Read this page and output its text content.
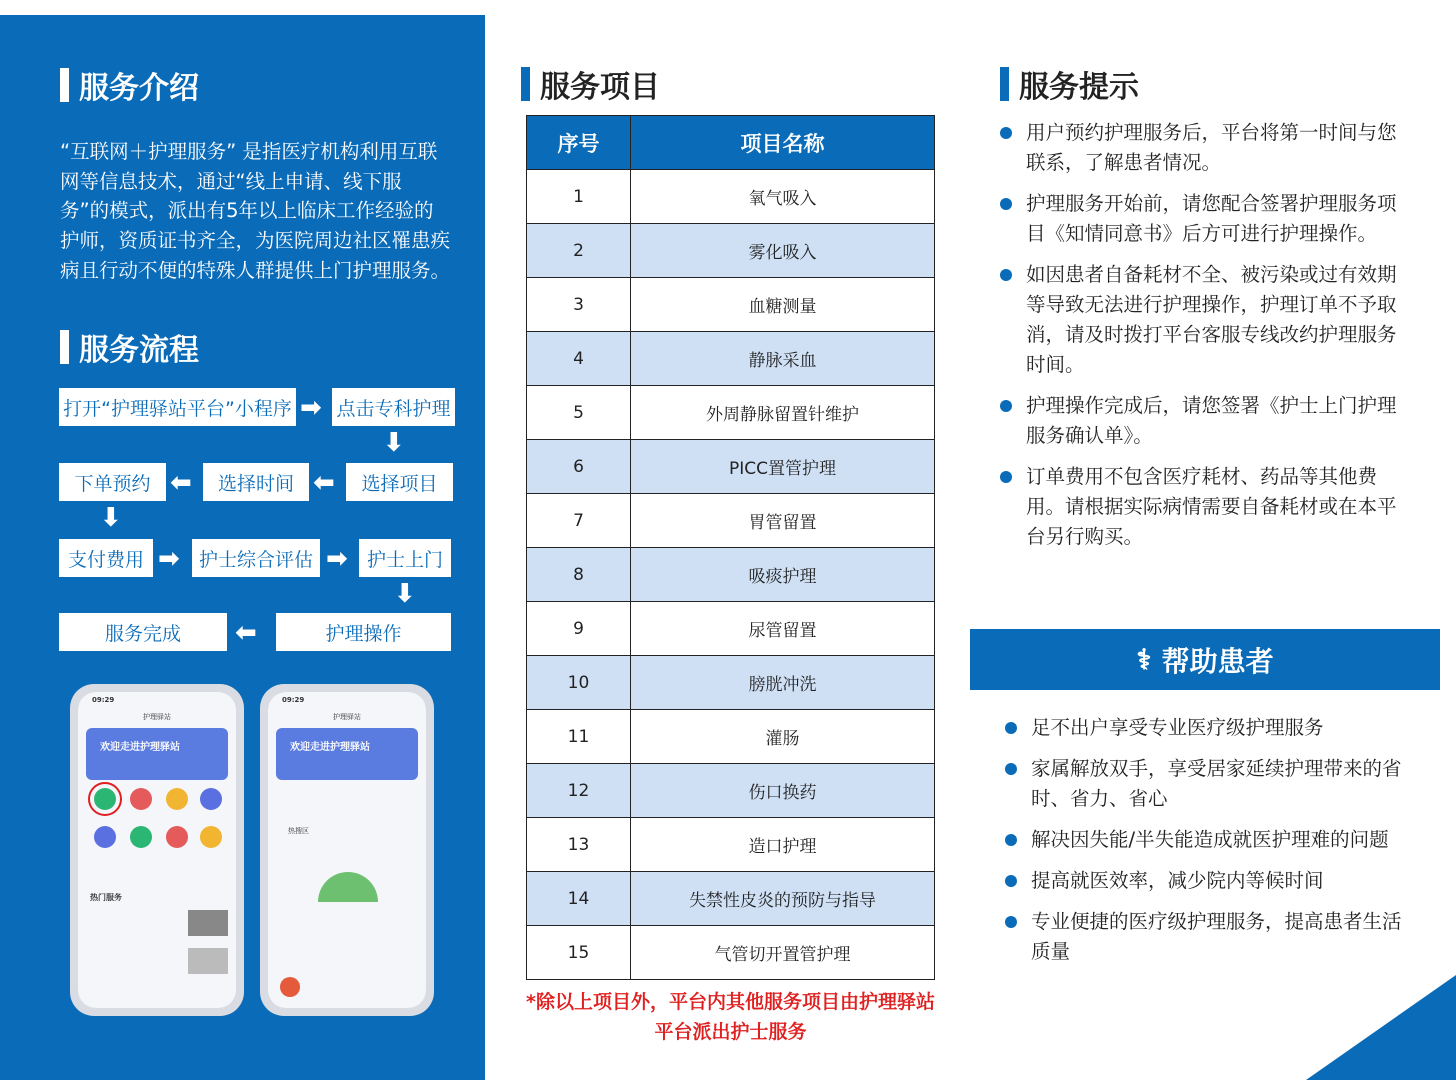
服务介绍

“互联网＋护理服务” 是指医疗机构利用互联网等信息技术，通过“线上申请、线下服务”的模式，派出有5年以上临床工作经验的护师，资质证书齐全，为医院周边社区罹患疾病且行动不便的特殊人群提供上门护理服务。

服务流程
打开“护理驿站平台”小程序 ➡ 点击专科护理
⬇
选择项目
⬅
选择时间
⬅
下单预约
⬇
支付费用 ➡	护士综合评估 ➡	护士上门
⬇
护理操作
⬅
服务完成
09:29
护理驿站
欢迎走进护理驿站
热门服务
09:29
护理驿站
欢迎走进护理驿站
热搜区
服务项目
序号	项目名称
1	氧气吸入
2	雾化吸入
3	血糖测量
4	静脉采血
5	外周静脉留置针维护
6	PICC置管护理
7	胃管留置
8	吸痰护理
9	尿管留置
10	膀胱冲洗
11	灌肠
12	伤口换药
13	造口护理
14	失禁性皮炎的预防与指导
15	气管切开置管护理
*除以上项目外，平台内其他服务项目由护理驿站平台派出护士服务
服务提示
用户预约护理服务后，平台将第一时间与您联系，了解患者情况。
护理服务开始前，请您配合签署护理服务项目《知情同意书》后方可进行护理操作。
如因患者自备耗材不全、被污染或过有效期等导致无法进行护理操作，护理订单不予取消，请及时拨打平台客服专线改约护理服务时间。
护理操作完成后，请您签署《护士上门护理服务确认单》。
订单费用不包含医疗耗材、药品等其他费用。请根据实际病情需要自备耗材或在本平台另行购买。
⚕ 帮助患者
足不出户享受专业医疗级护理服务
家属解放双手，享受居家延续护理带来的省时、省力、省心
解决因失能/半失能造成就医护理难的问题
提高就医效率，减少院内等候时间
专业便捷的医疗级护理服务，提高患者生活质量
